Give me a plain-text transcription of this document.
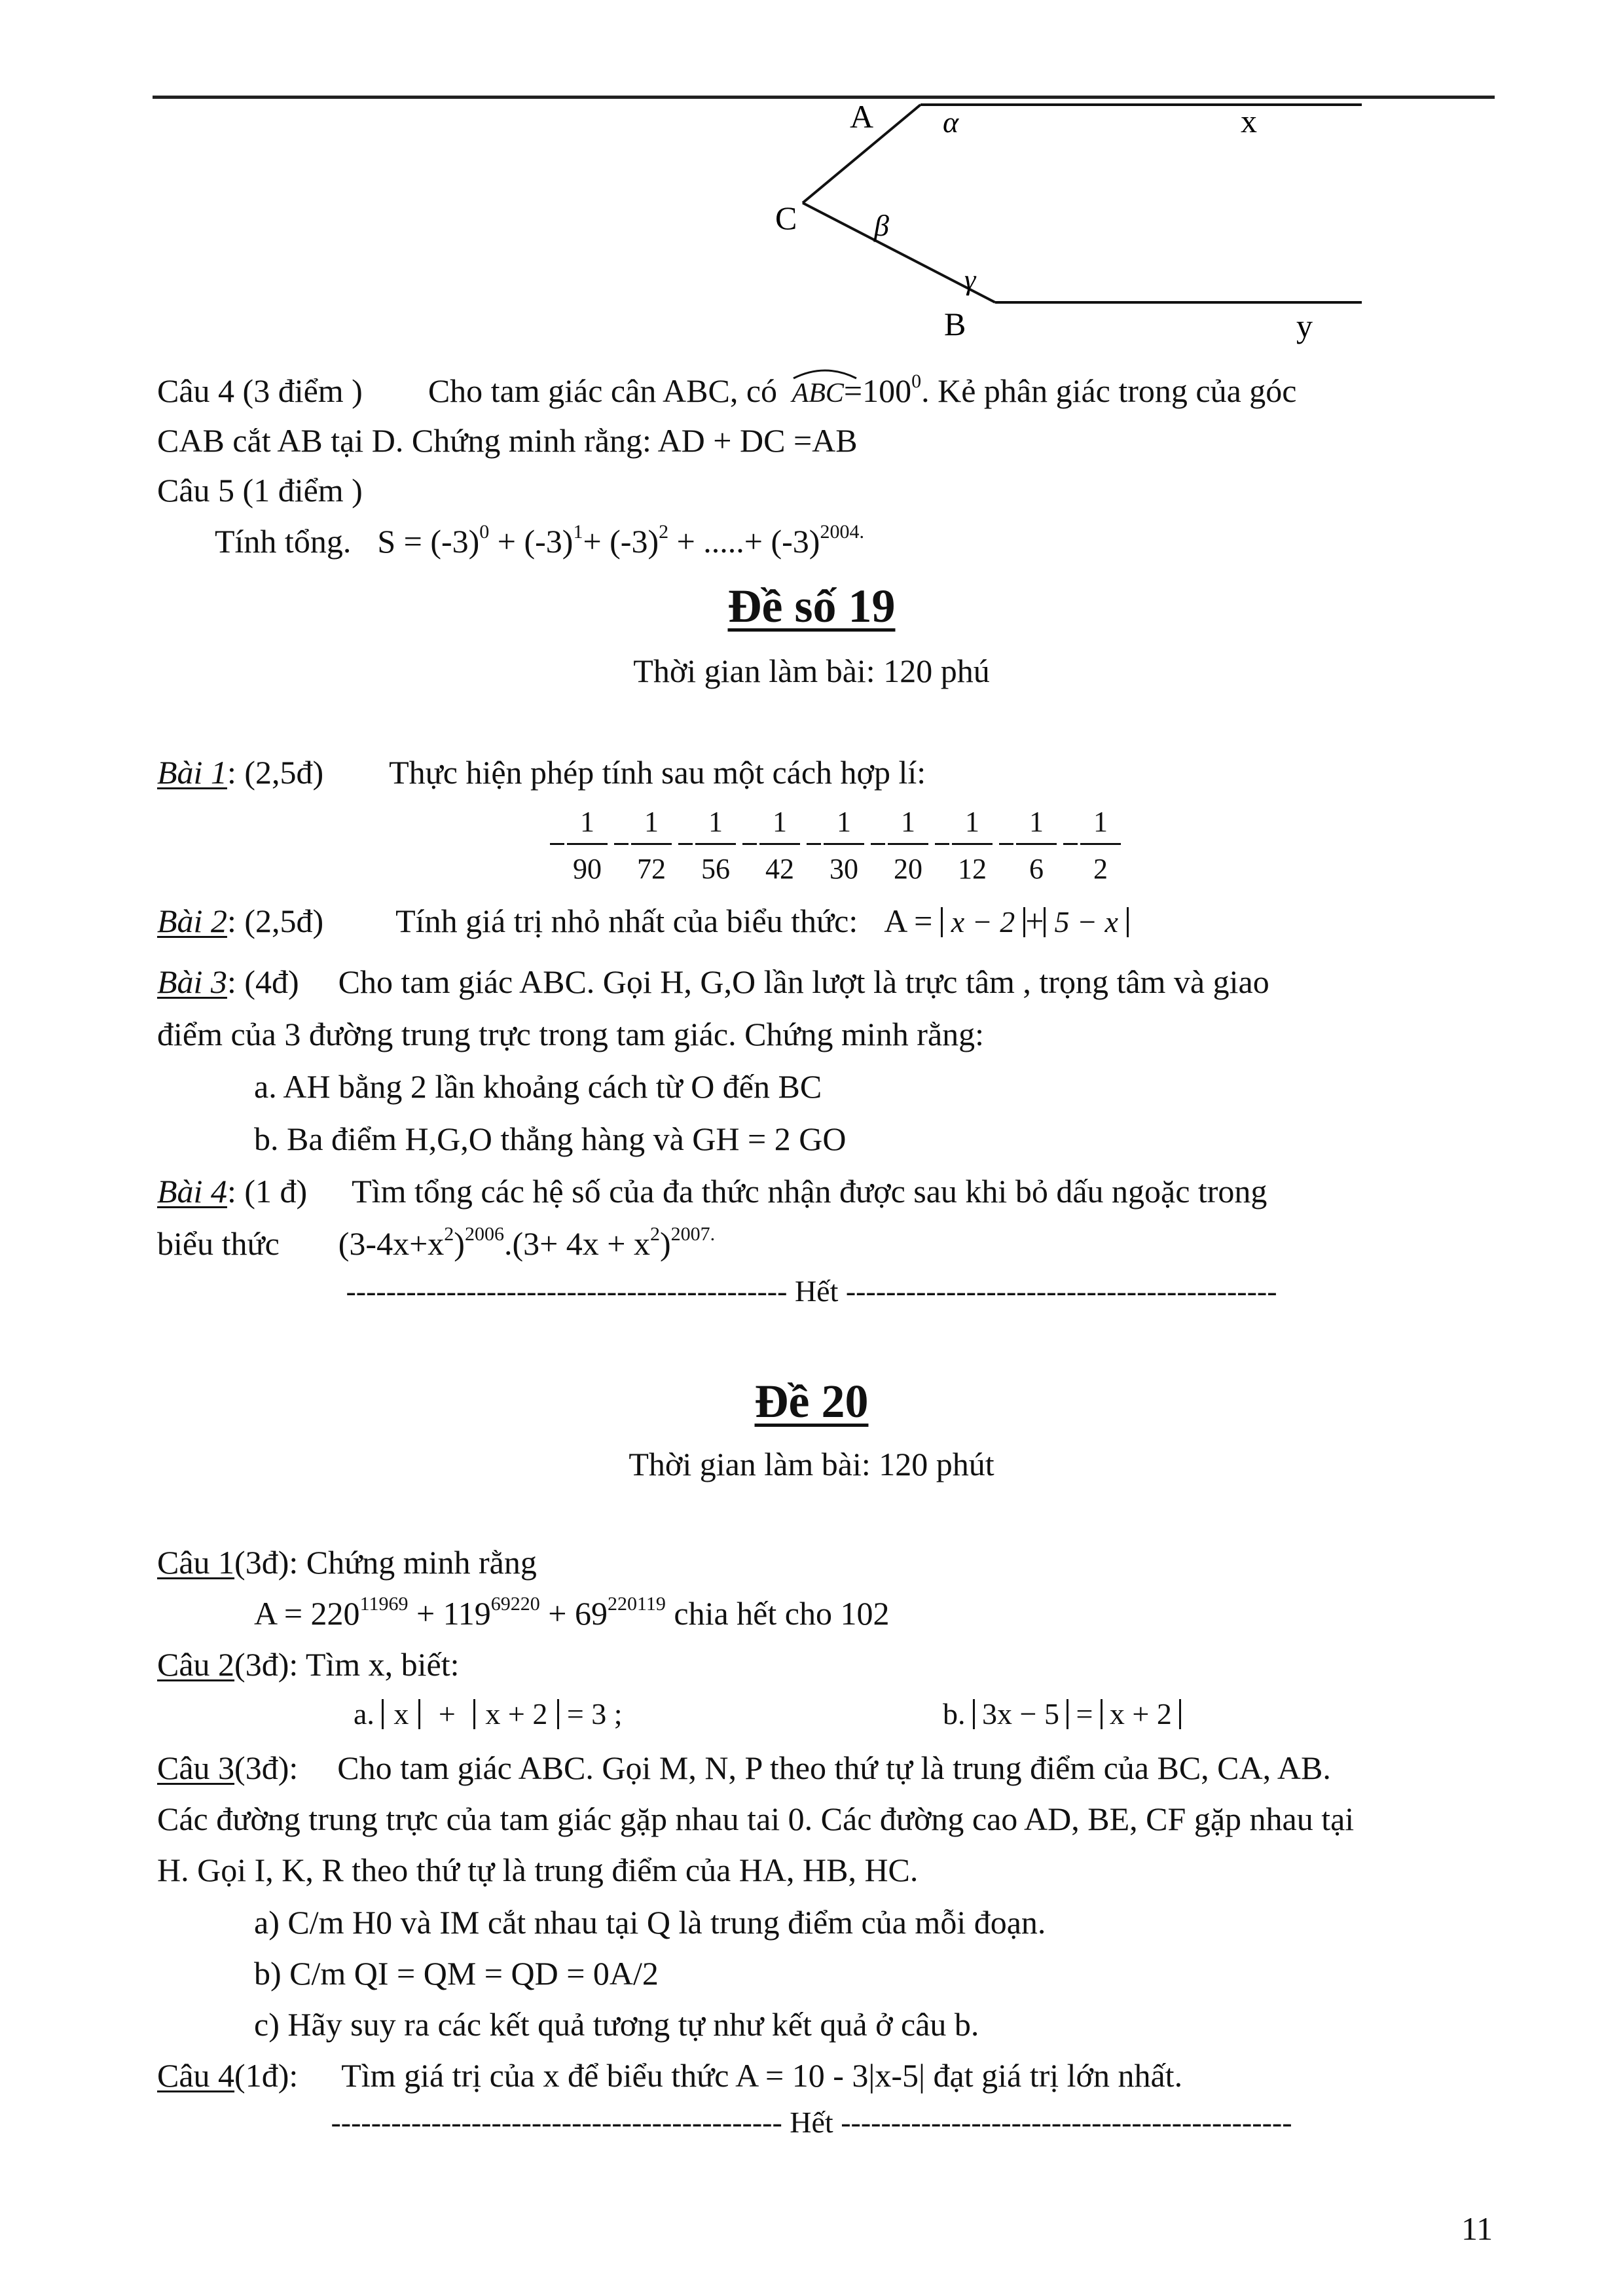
A α	x
C	β
γ
B	y
Câu 4 (3 điểm ) Cho tam giác cân ABC, có $ABC=100^0$. Kẻ phân giác trong của góc
CAB cắt AB tại D. Chứng minh rằng: AD + DC =AB
Câu 5 (1 điểm )
Tính tổng. $S = (-3)^0 + (-3)^1+ (-3)^2$ + .....+ $(-3)^{2004.}$
Đề số 19
Thời gian làm bài: 120 phú
Bài 1: (2,5đ) Thực hiện phép tính sau một cách hợp lí:
1
90
1
72
1
56
1
42
1
30
1
20
1
12
1
6
1
2
Bài 2: (2,5đ) Tính giá trị nhỏ nhất của biểu thức: A = x − 2 + 5 − x
Bài 3: (4đ) Cho tam giác ABC. Gọi H, G,O lần lượt là trực tâm , trọng tâm và giao
điểm của 3 đường trung trực trong tam giác. Chứng minh rằng:
a. AH bằng 2 lần khoảng cách từ O đến BC
b. Ba điểm H,G,O thẳng hàng và GH = 2 GO
Bài 4: (1 đ) Tìm tổng các hệ số của đa thức nhận được sau khi bỏ dấu ngoặc trong
biểu thức $(3-4x+x^2)^{2006}.(3+ 4x + x^2)^{2007.}$
-------------------------------------------- Hết -------------------------------------------
Đề 20
Thời gian làm bài: 120 phút
Câu 1(3đ): Chứng minh rằng
$A = 220^{11969} + 119^{69220} + 69^{220119}$ chia hết cho 102
Câu 2(3đ): Tìm x, biết:
a. x + x + 2 = 3 ;	b. 3x − 5 = x + 2
Câu 3(3đ): Cho tam giác ABC. Gọi M, N, P theo thứ tự là trung điểm của BC, CA, AB.
Các đường trung trực của tam giác gặp nhau tai 0. Các đường cao AD, BE, CF gặp nhau tại
H. Gọi I, K, R theo thứ tự là trung điểm của HA, HB, HC.
a) C/m H0 và IM cắt nhau tại Q là trung điểm của mỗi đoạn.
b) C/m QI = QM = QD = 0A/2
c) Hãy suy ra các kết quả tương tự như kết quả ở câu b.
Câu 4(1đ): Tìm giá trị của x để biểu thức A = 10 - 3|x-5| đạt giá trị lớn nhất.
--------------------------------------------- Hết ---------------------------------------------
11
